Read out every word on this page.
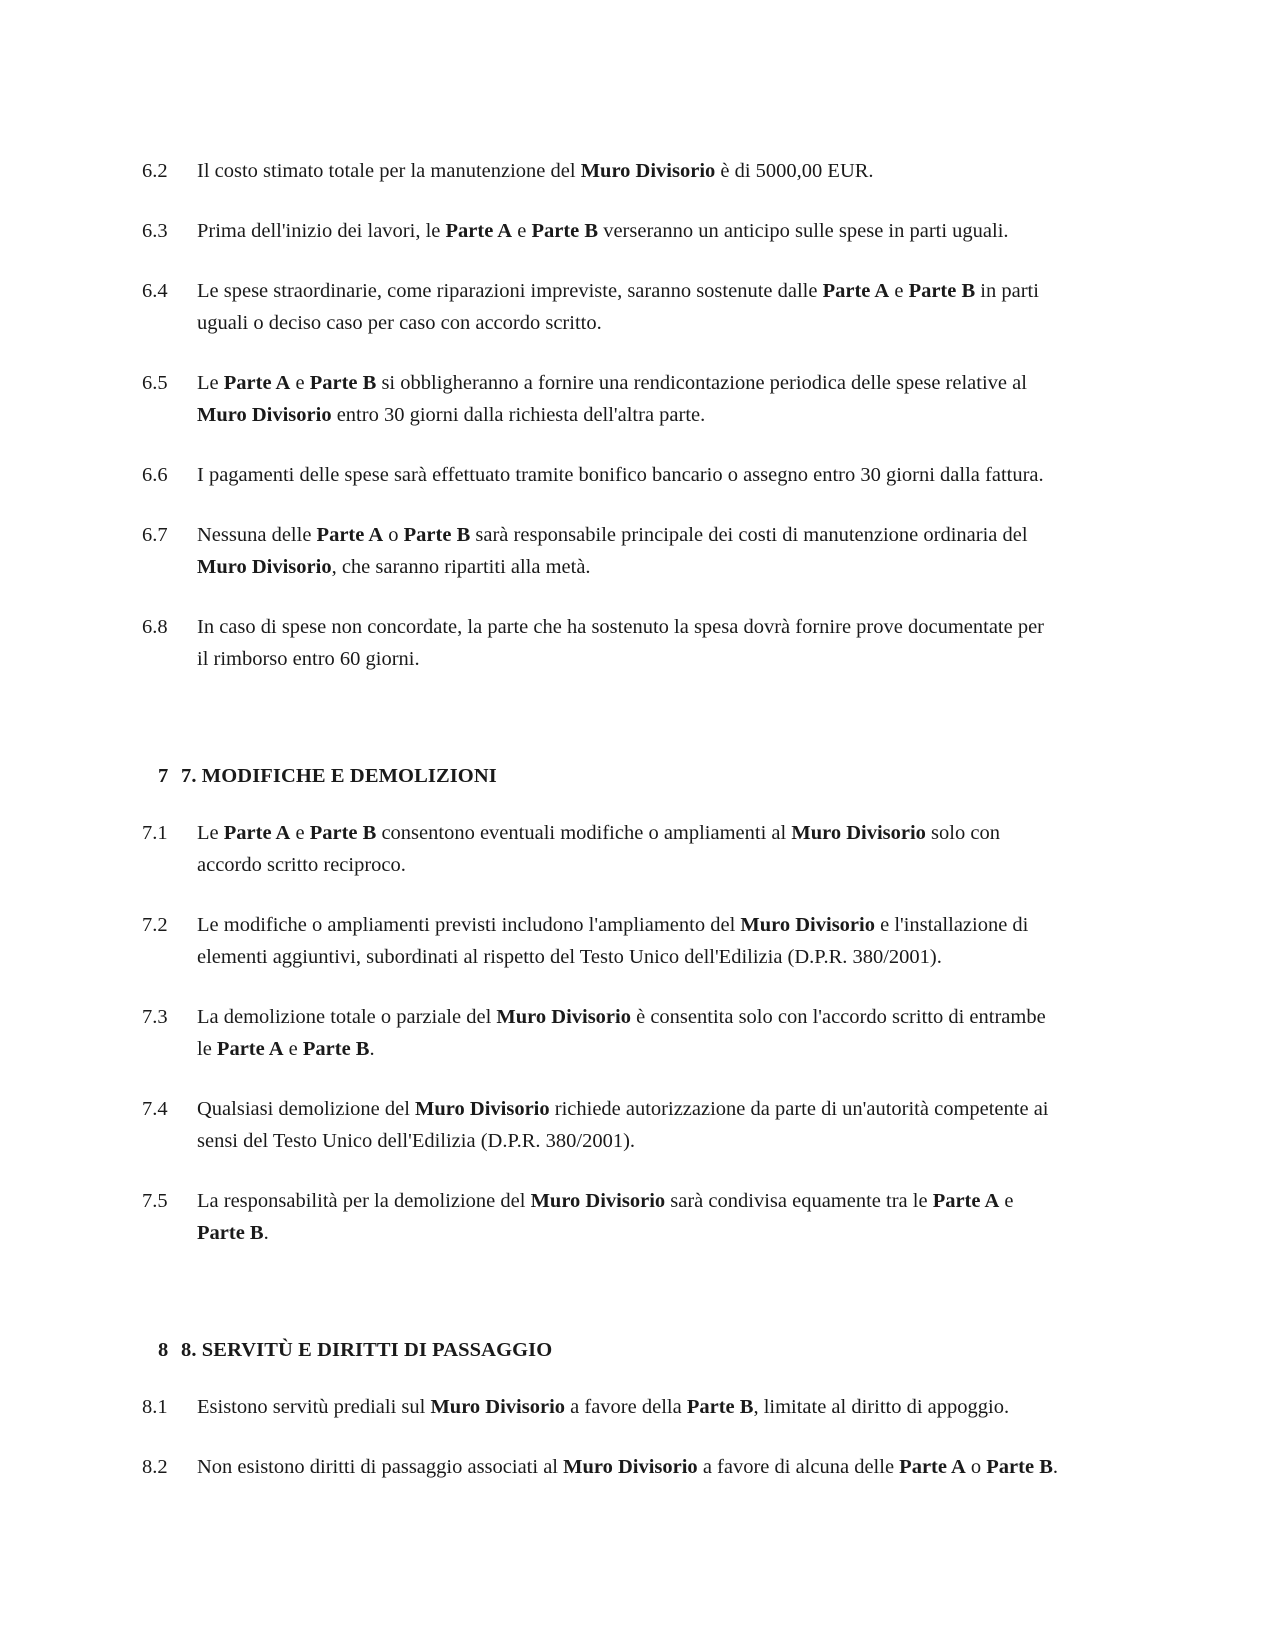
6.2	Il costo stimato totale per la manutenzione del Muro Divisorio è di 5000,00 EUR.
6.3	Prima dell'inizio dei lavori, le Parte A e Parte B verseranno un anticipo sulle spese in parti uguali.
6.4	Le spese straordinarie, come riparazioni impreviste, saranno sostenute dalle Parte A e Parte B in parti uguali o deciso caso per caso con accordo scritto.
6.5	Le Parte A e Parte B si obbligheranno a fornire una rendicontazione periodica delle spese relative al Muro Divisorio entro 30 giorni dalla richiesta dell'altra parte.
6.6	I pagamenti delle spese sarà effettuato tramite bonifico bancario o assegno entro 30 giorni dalla fattura.
6.7	Nessuna delle Parte A o Parte B sarà responsabile principale dei costi di manutenzione ordinaria del Muro Divisorio, che saranno ripartiti alla metà.
6.8	In caso di spese non concordate, la parte che ha sostenuto la spesa dovrà fornire prove documentate per il rimborso entro 60 giorni.
7 7. MODIFICHE E DEMOLIZIONI
7.1	Le Parte A e Parte B consentono eventuali modifiche o ampliamenti al Muro Divisorio solo con accordo scritto reciproco.
7.2	Le modifiche o ampliamenti previsti includono l'ampliamento del Muro Divisorio e l'installazione di elementi aggiuntivi, subordinati al rispetto del Testo Unico dell'Edilizia (D.P.R. 380/2001).
7.3	La demolizione totale o parziale del Muro Divisorio è consentita solo con l'accordo scritto di entrambe le Parte A e Parte B.
7.4	Qualsiasi demolizione del Muro Divisorio richiede autorizzazione da parte di un'autorità competente ai sensi del Testo Unico dell'Edilizia (D.P.R. 380/2001).
7.5	La responsabilità per la demolizione del Muro Divisorio sarà condivisa equamente tra le Parte A e Parte B.
8 8. SERVITÙ E DIRITTI DI PASSAGGIO
8.1	Esistono servitù prediali sul Muro Divisorio a favore della Parte B, limitate al diritto di appoggio.
8.2	Non esistono diritti di passaggio associati al Muro Divisorio a favore di alcuna delle Parte A o Parte B.
